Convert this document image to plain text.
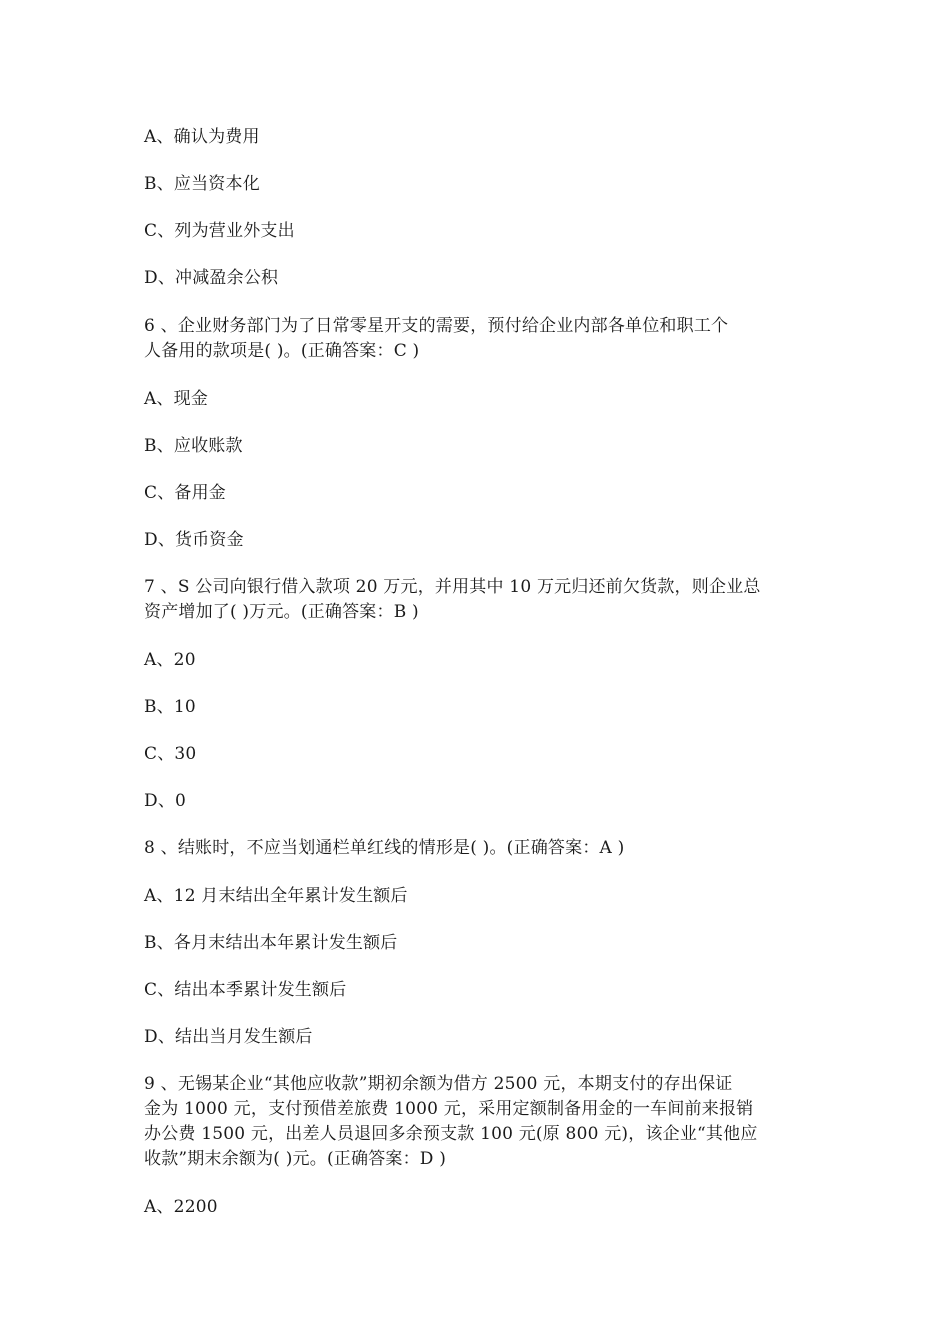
A、确认为费用
B、应当资本化
C、列为营业外支出
D、冲减盈余公积
6 、企业财务部门为了日常零星开支的需要，预付给企业内部各单位和职工个
人备用的款项是( )。(正确答案：C )
A、现金
B、应收账款
C、备用金
D、货币资金
7 、S 公司向银行借入款项 20 万元，并用其中 10 万元归还前欠货款，则企业总
资产增加了( )万元。(正确答案：B )
A、20
B、10
C、30
D、0
8 、结账时，不应当划通栏单红线的情形是( )。(正确答案：A )
A、12 月末结出全年累计发生额后
B、各月末结出本年累计发生额后
C、结出本季累计发生额后
D、结出当月发生额后
9 、无锡某企业“其他应收款”期初余额为借方 2500 元，本期支付的存出保证
金为 1000 元，支付预借差旅费 1000 元，采用定额制备用金的一车间前来报销
办公费 1500 元，出差人员退回多余预支款 100 元(原 800 元)，该企业“其他应
收款”期末余额为( )元。(正确答案：D )
A、2200
